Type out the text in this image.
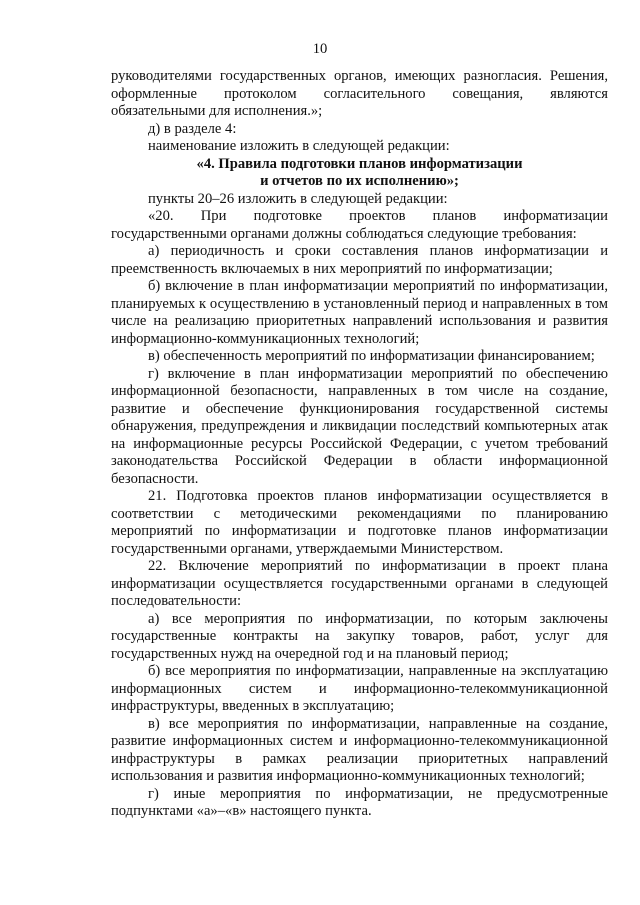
10

руководителями государственных органов, имеющих разногласия. Решения, оформленные протоколом согласительного совещания, являются обязательными для исполнения.»;

д) в разделе 4:

наименование изложить в следующей редакции:

«4. Правила подготовки планов информатизации
и отчетов по их исполнению»;

пункты 20–26 изложить в следующей редакции:

«20. При подготовке проектов планов информатизации государственными органами должны соблюдаться следующие требования:

а) периодичность и сроки составления планов информатизации и преемственность включаемых в них мероприятий по информатизации;

б) включение в план информатизации мероприятий по информатизации, планируемых к осуществлению в установленный период и направленных в том числе на реализацию приоритетных направлений использования и развития информационно-коммуникационных технологий;

в) обеспеченность мероприятий по информатизации финансированием;

г) включение в план информатизации мероприятий по обеспечению информационной безопасности, направленных в том числе на создание, развитие и обеспечение функционирования государственной системы обнаружения, предупреждения и ликвидации последствий компьютерных атак на информационные ресурсы Российской Федерации, с учетом требований законодательства Российской Федерации в области информационной безопасности.

21. Подготовка проектов планов информатизации осуществляется в соответствии с методическими рекомендациями по планированию мероприятий по информатизации и подготовке планов информатизации государственными органами, утверждаемыми Министерством.

22. Включение мероприятий по информатизации в проект плана информатизации осуществляется государственными органами в следующей последовательности:

а) все мероприятия по информатизации, по которым заключены государственные контракты на закупку товаров, работ, услуг для государственных нужд на очередной год и на плановый период;

б) все мероприятия по информатизации, направленные на эксплуатацию информационных систем и информационно-телекоммуникационной инфраструктуры, введенных в эксплуатацию;

в) все мероприятия по информатизации, направленные на создание, развитие информационных систем и информационно-телекоммуникационной инфраструктуры в рамках реализации приоритетных направлений использования и развития информационно-коммуникационных технологий;

г) иные мероприятия по информатизации, не предусмотренные подпунктами «а»–«в» настоящего пункта.
